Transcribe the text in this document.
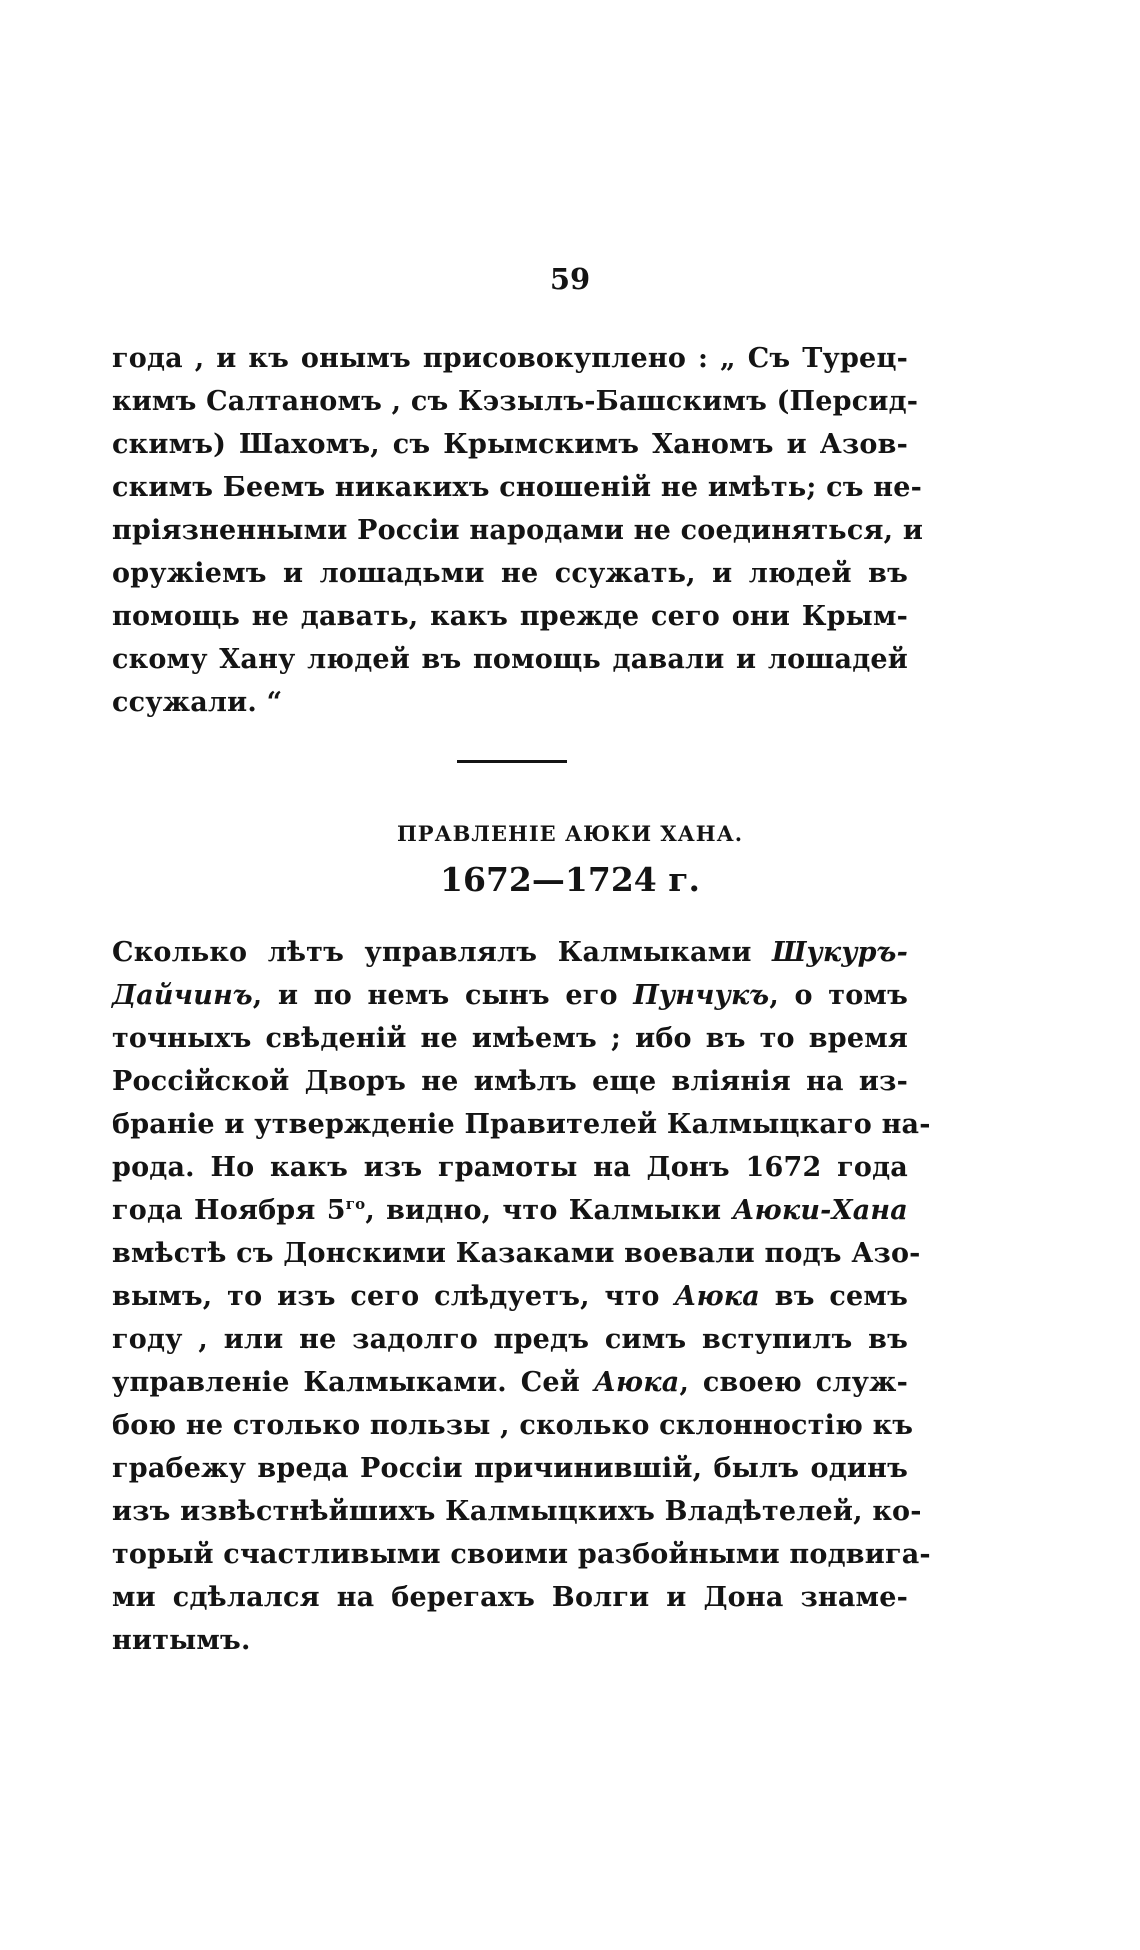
59
года , и къ онымъ присовокуплено : „ Съ Турец-
кимъ Салтаномъ , съ Кэзылъ-Башскимъ (Персид-
скимъ) Шахомъ, съ Крымскимъ Ханомъ и Азов-
скимъ Беемъ никакихъ сношеній не имѣть; съ не-
пріязненными Россіи народами не соединяться, и
оружіемъ и лошадьми не ссужать, и людей въ
помощь не давать, какъ прежде сего они Крым-
скому Хану людей въ помощь давали и лошадей
ссужали. “
ПРАВЛЕНІЕ АЮКИ ХАНА.
1672—1724 г.
Сколько лѣтъ управлялъ Калмыками Шукуръ-
Дайчинъ, и по немъ сынъ его Пунчукъ, о томъ
точныхъ свѣденій не имѣемъ ; ибо въ то время
Россійской Дворъ не имѣлъ еще вліянія на из-
браніе и утвержденіе Правителей Калмыцкаго на-
рода. Но какъ изъ грамоты на Донъ 1672 года
года Ноября $5^{го}$, видно, что Калмыки Аюки-Хана
вмѣстѣ съ Донскими Казаками воевали подъ Азо-
вымъ, то изъ сего слѣдуетъ, что Аюка въ семъ
году , или не задолго предъ симъ вступилъ въ
управленіе Калмыками. Сей Аюка, своею служ-
бою не столько пользы , сколько склонностію къ
грабежу вреда Россіи причинившій, былъ одинъ
изъ извѣстнѣйшихъ Калмыцкихъ Владѣтелей, ко-
торый счастливыми своими разбойными подвига-
ми сдѣлался на берегахъ Волги и Дона знаме-
нитымъ.
